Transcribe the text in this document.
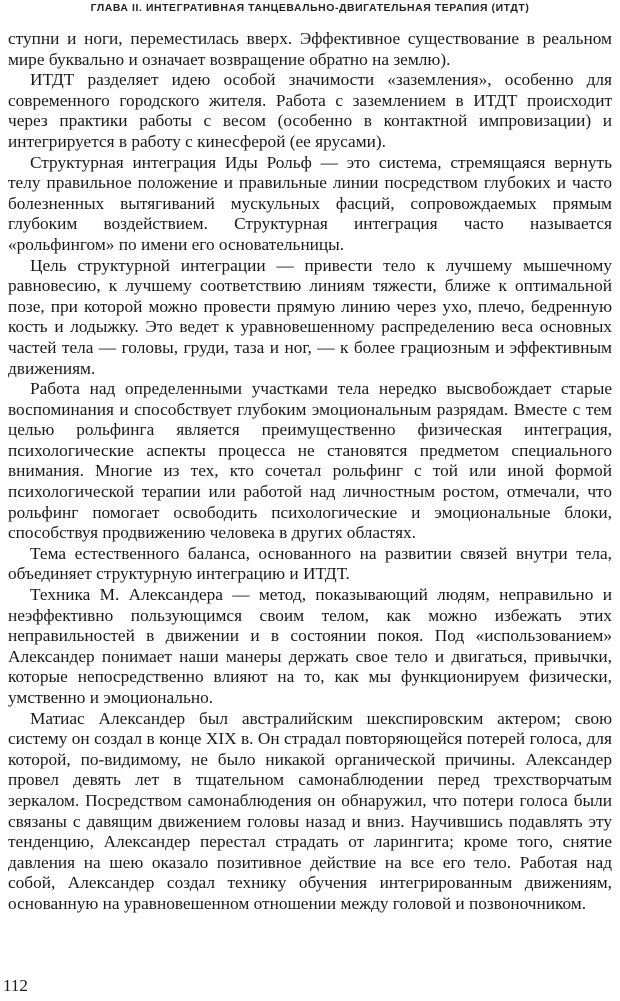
ГЛАВА II. ИНТЕГРАТИВНАЯ ТАНЦЕВАЛЬНО-ДВИГАТЕЛЬНАЯ ТЕРАПИЯ (ИТДТ)

ступни и ноги, переместилась вверх. Эффективное существование в реальном мире буквально и означает возвращение обратно на землю).

ИТДТ разделяет идею особой значимости «заземления», особенно для современного городского жителя. Работа с заземлением в ИТДТ происходит через практики работы с весом (особенно в контактной импровизации) и интегрируется в работу с кинесферой (ее ярусами).

Структурная интеграция Иды Рольф — это система, стремящаяся вернуть телу правильное положение и правильные линии посредством глубоких и часто болезненных вытягиваний мускульных фасций, сопровождаемых прямым глубоким воздействием. Структурная интеграция часто называется «рольфингом» по имени его основательницы.

Цель структурной интеграции — привести тело к лучшему мышечному равновесию, к лучшему соответствию линиям тяжести, ближе к оптимальной позе, при которой можно провести прямую линию через ухо, плечо, бедренную кость и лодыжку. Это ведет к уравновешенному распределению веса основных частей тела — головы, груди, таза и ног, — к более грациозным и эффективным движениям.

Работа над определенными участками тела нередко высвобождает старые воспоминания и способствует глубоким эмоциональным разрядам. Вместе с тем целью рольфинга является преимущественно физическая интеграция, психологические аспекты процесса не становятся предметом специального внимания. Многие из тех, кто сочетал рольфинг с той или иной формой психологической терапии или работой над личностным ростом, отмечали, что рольфинг помогает освободить психологические и эмоциональные блоки, способствуя продвижению человека в других областях.

Тема естественного баланса, основанного на развитии связей внутри тела, объединяет структурную интеграцию и ИТДТ.

Техника М. Александера — метод, показывающий людям, неправильно и неэффективно пользующимся своим телом, как можно избежать этих неправильностей в движении и в состоянии покоя. Под «использованием» Александер понимает наши манеры держать свое тело и двигаться, привычки, которые непосредственно влияют на то, как мы функционируем физически, умственно и эмоционально.

Матиас Александер был австралийским шекспировским актером; свою систему он создал в конце XIX в. Он страдал повторяющейся потерей голоса, для которой, по-видимому, не было никакой органической причины. Александер провел девять лет в тщательном самонаблюдении перед трехстворчатым зеркалом. Посредством самонаблюдения он обнаружил, что потери голоса были связаны с давящим движением головы назад и вниз. Научившись подавлять эту тенденцию, Александер перестал страдать от ларингита; кроме того, снятие давления на шею оказало позитивное действие на все его тело. Работая над собой, Александер создал технику обучения интегрированным движениям, основанную на уравновешенном отношении между головой и позвоночником.

112
